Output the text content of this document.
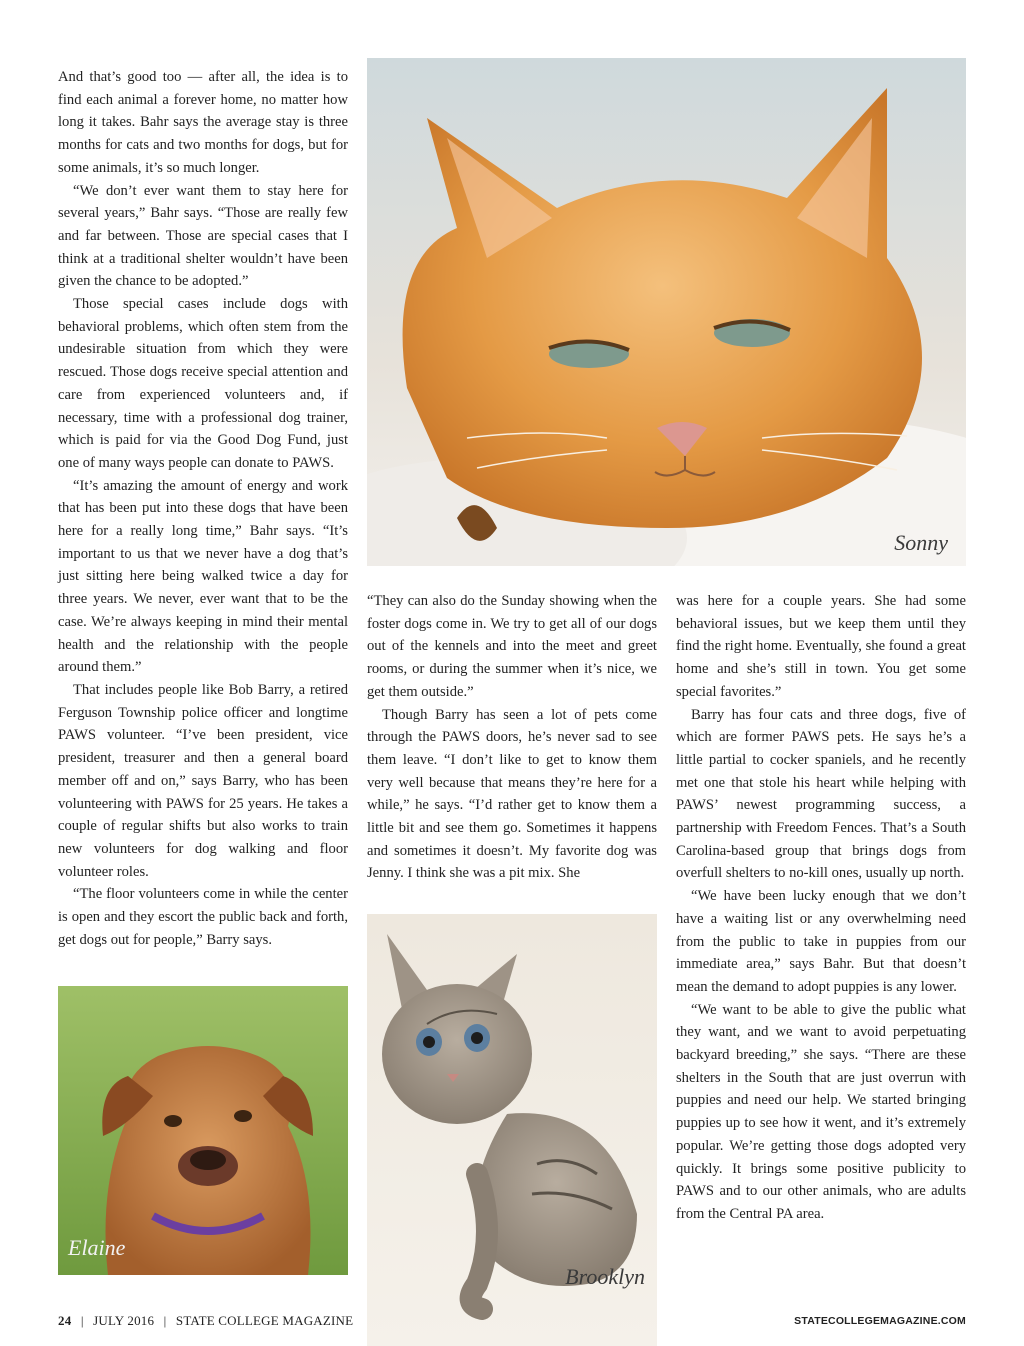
And that’s good too — after all, the idea is to find each animal a forever home, no matter how long it takes. Bahr says the average stay is three months for cats and two months for dogs, but for some animals, it’s so much longer.

“We don’t ever want them to stay here for several years,” Bahr says. “Those are really few and far between. Those are special cases that I think at a traditional shelter wouldn’t have been given the chance to be adopted.”

Those special cases include dogs with behavioral problems, which often stem from the undesirable situation from which they were rescued. Those dogs receive special attention and care from experienced volunteers and, if necessary, time with a professional dog trainer, which is paid for via the Good Dog Fund, just one of many ways people can donate to PAWS.

“It’s amazing the amount of energy and work that has been put into these dogs that have been here for a really long time,” Bahr says. “It’s important to us that we never have a dog that’s just sitting here being walked twice a day for three years. We never, ever want that to be the case. We’re always keeping in mind their mental health and the relationship with the people around them.”

That includes people like Bob Barry, a retired Ferguson Township police officer and longtime PAWS volunteer. “I’ve been president, vice president, treasurer and then a general board member off and on,” says Barry, who has been volunteering with PAWS for 25 years. He takes a couple of regular shifts but also works to train new volunteers for dog walking and floor volunteer roles.

“The floor volunteers come in while the center is open and they escort the public back and forth, get dogs out for people,” Barry says.

“They can also do the Sunday showing when the foster dogs come in. We try to get all of our dogs out of the kennels and into the meet and greet rooms, or during the summer when it’s nice, we get them outside.”

Though Barry has seen a lot of pets come through the PAWS doors, he’s never sad to see them leave. “I don’t like to get to know them very well because that means they’re here for a while,” he says. “I’d rather get to know them a little bit and see them go. Sometimes it happens and sometimes it doesn’t. My favorite dog was Jenny. I think she was a pit mix. She

was here for a couple years. She had some behavioral issues, but we keep them until they find the right home. Eventually, she found a great home and she’s still in town. You get some special favorites.”

Barry has four cats and three dogs, five of which are former PAWS pets. He says he’s a little partial to cocker spaniels, and he recently met one that stole his heart while helping with PAWS’ newest programming success, a partnership with Freedom Fences. That’s a South Carolina-based group that brings dogs from overfull shelters to no-kill ones, usually up north.

“We have been lucky enough that we don’t have a waiting list or any overwhelming need from the public to take in puppies from our immediate area,” says Bahr. But that doesn’t mean the demand to adopt puppies is any lower.

“We want to be able to give the public what they want, and we want to avoid perpetuating backyard breeding,” she says. “There are these shelters in the South that are just overrun with puppies and need our help. We started bringing puppies up to see how it went, and it’s extremely popular. We’re getting those dogs adopted very quickly. It brings some positive publicity to PAWS and to our other animals, who are adults from the Central PA area.

Sonny
Elaine
Brooklyn
24 | JULY 2016 | STATE COLLEGE MAGAZINE	STATECOLLEGEMAGAZINE.COM
